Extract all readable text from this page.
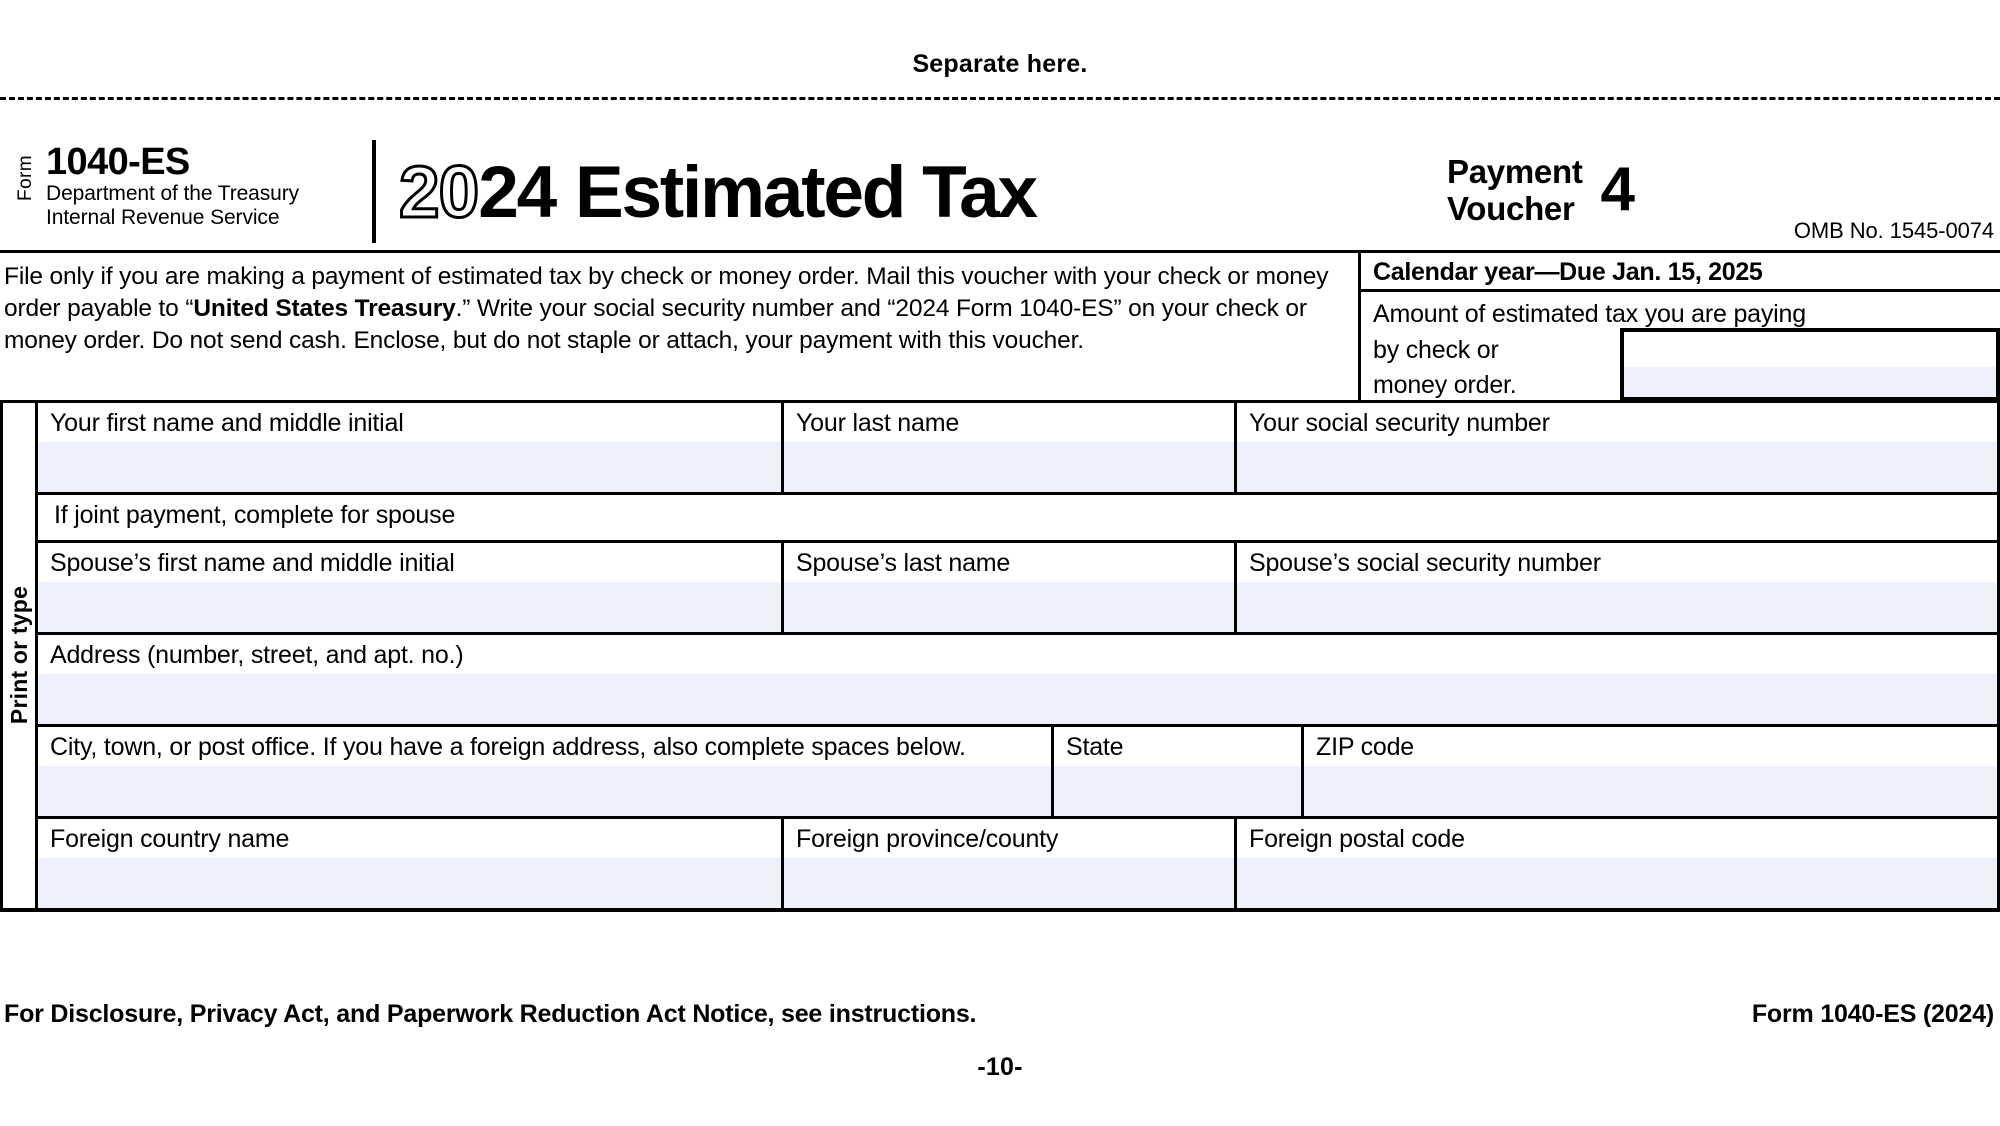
Separate here.
Form 1040-ES
Department of the Treasury
Internal Revenue Service 20 24 Estimated Tax	Payment
Voucher 4
OMB No. 1545-0074
File only if you are making a payment of estimated tax by check or money order. Mail this voucher with your check or money order payable to “United States Treasury.” Write your social security number and “2024 Form 1040-ES” on your check or money order. Do not send cash. Enclose, but do not staple or attach, your payment with this voucher.
Calendar year—Due Jan. 15, 2025
Amount of estimated tax you are paying
by check or
money order.
Print or type
Your first name and middle initial	Your last name	Your social security number
If joint payment, complete for spouse
Spouse’s first name and middle initial	Spouse’s last name	Spouse’s social security number
Address (number, street, and apt. no.)
City, town, or post office. If you have a foreign address, also complete spaces below.	State	ZIP code
Foreign country name	Foreign province/county	Foreign postal code
For Disclosure, Privacy Act, and Paperwork Reduction Act Notice, see instructions.	Form 1040-ES (2024)
-10-
